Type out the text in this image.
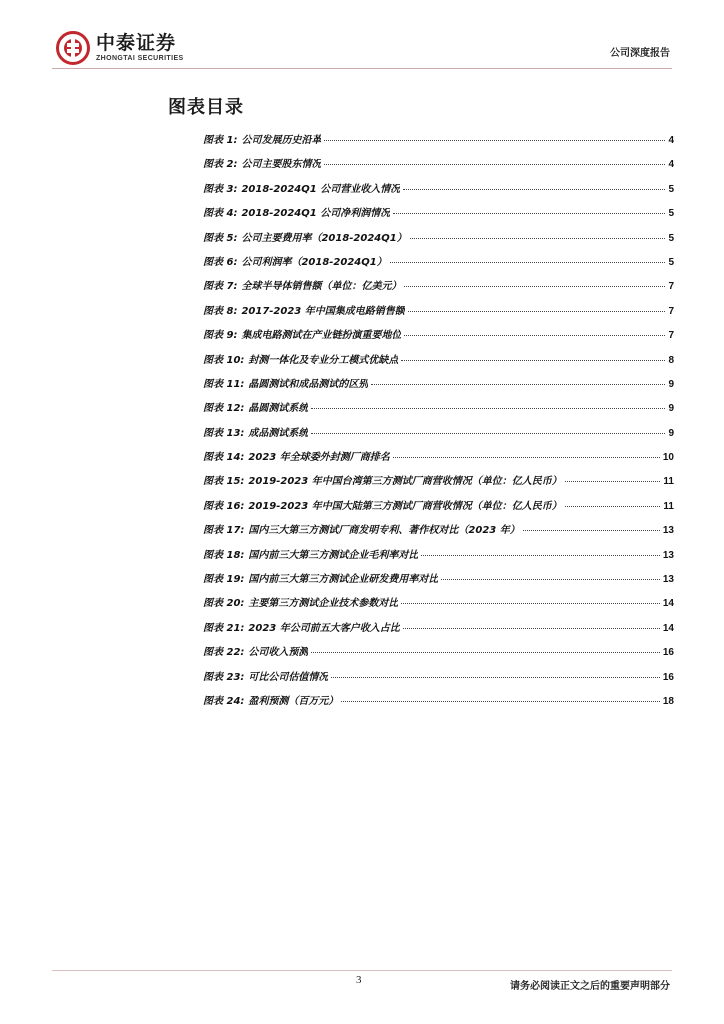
中泰证券
ZHONGTAI SECURITIES	公司深度报告
图表目录
图表 1: 公司发展历史沿革	4
图表 2: 公司主要股东情况	4
图表 3: 2018-2024Q1 公司营业收入情况	5
图表 4: 2018-2024Q1 公司净利润情况	5
图表 5: 公司主要费用率（2018-2024Q1）	5
图表 6: 公司利润率（2018-2024Q1）	5
图表 7: 全球半导体销售额（单位：亿美元）	7
图表 8: 2017-2023 年中国集成电路销售额	7
图表 9: 集成电路测试在产业链扮演重要地位	7
图表 10: 封测一体化及专业分工模式优缺点	8
图表 11: 晶圆测试和成品测试的区别	9
图表 12: 晶圆测试系统	9
图表 13: 成品测试系统	9
图表 14: 2023 年全球委外封测厂商排名	10
图表 15: 2019-2023 年中国台湾第三方测试厂商营收情况（单位：亿人民币）	11
图表 16: 2019-2023 年中国大陆第三方测试厂商营收情况（单位：亿人民币）	11
图表 17: 国内三大第三方测试厂商发明专利、著作权对比（2023 年）	13
图表 18: 国内前三大第三方测试企业毛利率对比	13
图表 19: 国内前三大第三方测试企业研发费用率对比	13
图表 20: 主要第三方测试企业技术参数对比	14
图表 21: 2023 年公司前五大客户收入占比	14
图表 22: 公司收入预测	16
图表 23: 可比公司估值情况	16
图表 24: 盈利预测（百万元）	18
3
请务必阅读正文之后的重要声明部分
